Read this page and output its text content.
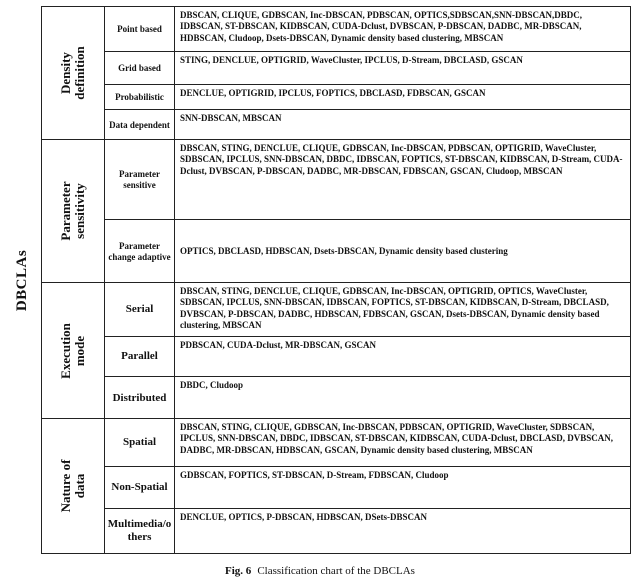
DBCLAs
Density definition
Point based
DBSCAN, CLIQUE, GDBSCAN, Inc-DBSCAN, PDBSCAN, OPTICS,SDBSCAN,SNN-DBSCAN,DBDC, IDBSCAN, ST-DBSCAN, KIDBSCAN, CUDA-Dclust, DVBSCAN, P-DBSCAN, DADBC, MR-DBSCAN, HDBSCAN, Cludoop, Dsets-DBSCAN, Dynamic density based clustering, MBSCAN
Grid based
STING, DENCLUE, OPTIGRID, WaveCluster, IPCLUS, D-Stream, DBCLASD, GSCAN
Probabilistic	DENCLUE, OPTIGRID, IPCLUS, FOPTICS, DBCLASD, FDBSCAN, GSCAN
Data dependent
SNN-DBSCAN, MBSCAN
Parameter sensitivity
Parameter sensitive
DBSCAN, STING, DENCLUE, CLIQUE, GDBSCAN, Inc-DBSCAN, PDBSCAN, OPTIGRID, WaveCluster, SDBSCAN, IPCLUS, SNN-DBSCAN, DBDC, IDBSCAN, FOPTICS, ST-DBSCAN, KIDBSCAN, D-Stream, CUDA-Dclust, DVBSCAN, P-DBSCAN, DADBC, MR-DBSCAN, FDBSCAN, GSCAN, Cludoop, MBSCAN
Parameter change adaptive
OPTICS, DBCLASD, HDBSCAN, Dsets-DBSCAN, Dynamic density based clustering
Execution mode
Serial
DBSCAN, STING, DENCLUE, CLIQUE, GDBSCAN, Inc-DBSCAN, OPTIGRID, OPTICS, WaveCluster, SDBSCAN, IPCLUS, SNN-DBSCAN, IDBSCAN, FOPTICS, ST-DBSCAN, KIDBSCAN, D-Stream, DBCLASD, DVBSCAN, P-DBSCAN, DADBC, HDBSCAN, FDBSCAN, GSCAN, Dsets-DBSCAN, Dynamic density based clustering, MBSCAN
Parallel
PDBSCAN, CUDA-Dclust, MR-DBSCAN, GSCAN
Distributed
DBDC, Cludoop
Nature of data
Spatial
DBSCAN, STING, CLIQUE, GDBSCAN, Inc-DBSCAN, PDBSCAN, OPTIGRID, WaveCluster, SDBSCAN, IPCLUS, SNN-DBSCAN, DBDC, IDBSCAN, ST-DBSCAN, KIDBSCAN, CUDA-Dclust, DBCLASD, DVBSCAN, DADBC, MR-DBSCAN, HDBSCAN, GSCAN, Dynamic density based clustering, MBSCAN
Non-Spatial
GDBSCAN, FOPTICS, ST-DBSCAN, D-Stream, FDBSCAN, Cludoop
Multimedia/others
DENCLUE, OPTICS, P-DBSCAN, HDBSCAN, DSets-DBSCAN
Fig. 6 Classification chart of the DBCLAs
